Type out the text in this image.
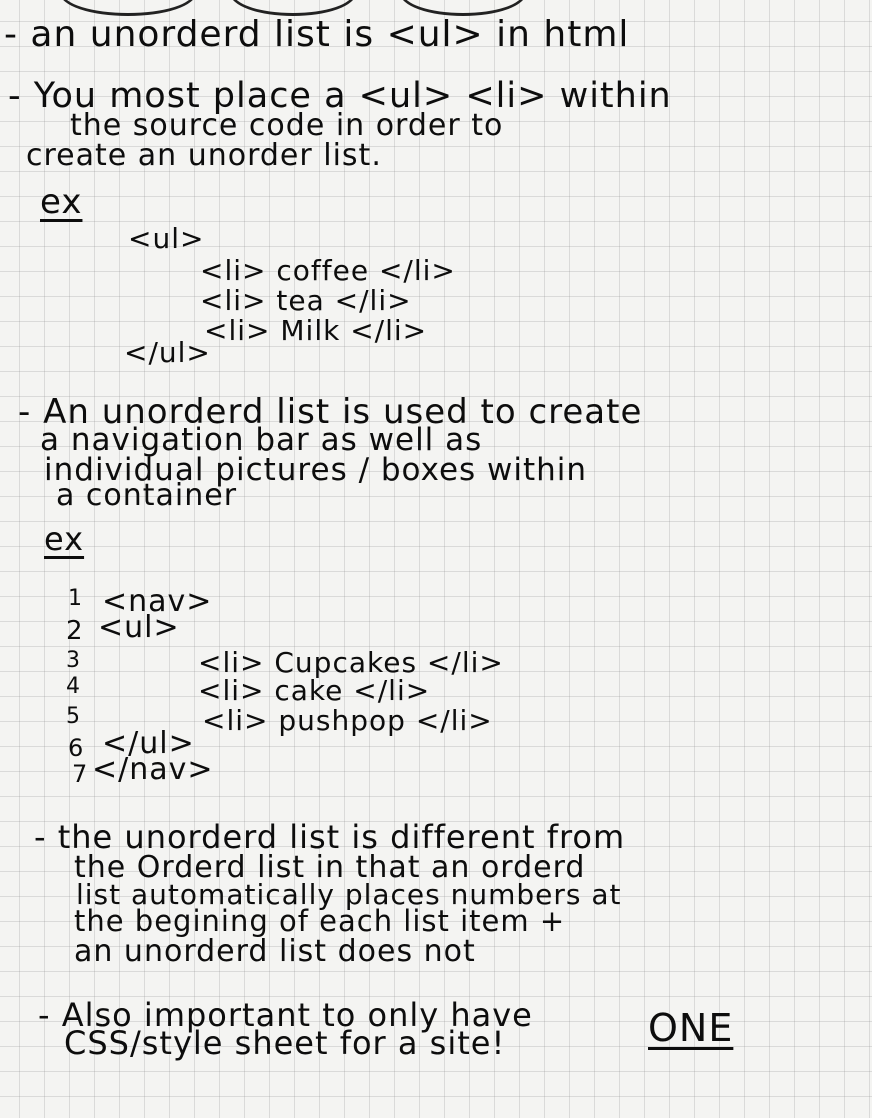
- an unorderd list is <ul> in html
- You most place a <ul> <li> within
the source code in order to
create an unorder list.
ex
<ul>
<li> coffee </li>
<li> tea </li>
<li> Milk </li>
</ul>
- An unorderd list is used to create
a navigation bar as well as
individual pictures / boxes within
a container
ex
1 <nav>
2 <ul>
3	<li> Cupcakes </li>
4	<li> cake </li>
5	<li> pushpop </li>
6 </ul>
7 </nav>
- the unorderd list is different from
the Orderd list in that an orderd
list automatically places numbers at
the begining of each list item +
an unorderd list does not
- Also important to only have	ONE
CSS/style sheet for a site!
